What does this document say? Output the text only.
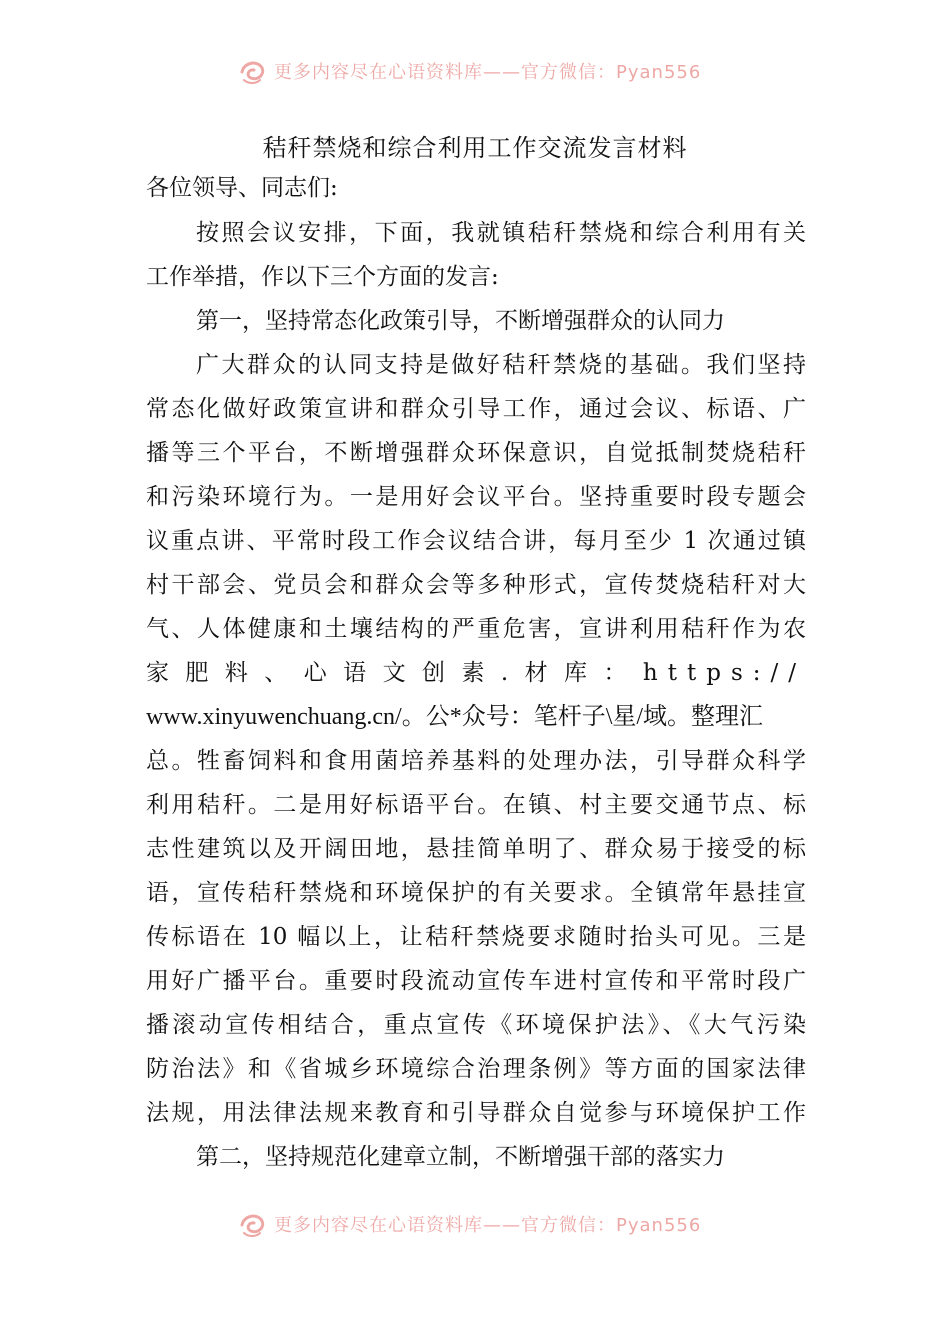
更多内容尽在心语资料库——官方微信：Pyan556
秸秆禁烧和综合利用工作交流发言材料
各位领导、同志们:
按照会议安排，下面，我就镇秸秆禁烧和综合利用有关
工作举措，作以下三个方面的发言:
第一，坚持常态化政策引导，不断增强群众的认同力
广大群众的认同支持是做好秸秆禁烧的基础。我们坚持
常态化做好政策宣讲和群众引导工作，通过会议、标语、广
播等三个平台，不断增强群众环保意识，自觉抵制焚烧秸秆
和污染环境行为。一是用好会议平台。坚持重要时段专题会
议重点讲、平常时段工作会议结合讲，每月至少 1 次通过镇
村干部会、党员会和群众会等多种形式，宣传焚烧秸秆对大
气、人体健康和土壤结构的严重危害，宣讲利用秸秆作为农
家肥料、心语文创素.材库：https://
www.xinyuwenchuang.cn/。公*众号：笔杆子\星/域。整理汇
总。牲畜饲料和食用菌培养基料的处理办法，引导群众科学
利用秸秆。二是用好标语平台。在镇、村主要交通节点、标
志性建筑以及开阔田地，悬挂简单明了、群众易于接受的标
语，宣传秸秆禁烧和环境保护的有关要求。全镇常年悬挂宣
传标语在 10 幅以上，让秸秆禁烧要求随时抬头可见。三是
用好广播平台。重要时段流动宣传车进村宣传和平常时段广
播滚动宣传相结合，重点宣传《环境保护法》、《大气污染
防治法》和《省城乡环境综合治理条例》等方面的国家法律
法规，用法律法规来教育和引导群众自觉参与环境保护工作
第二，坚持规范化建章立制，不断增强干部的落实力
更多内容尽在心语资料库——官方微信：Pyan556
